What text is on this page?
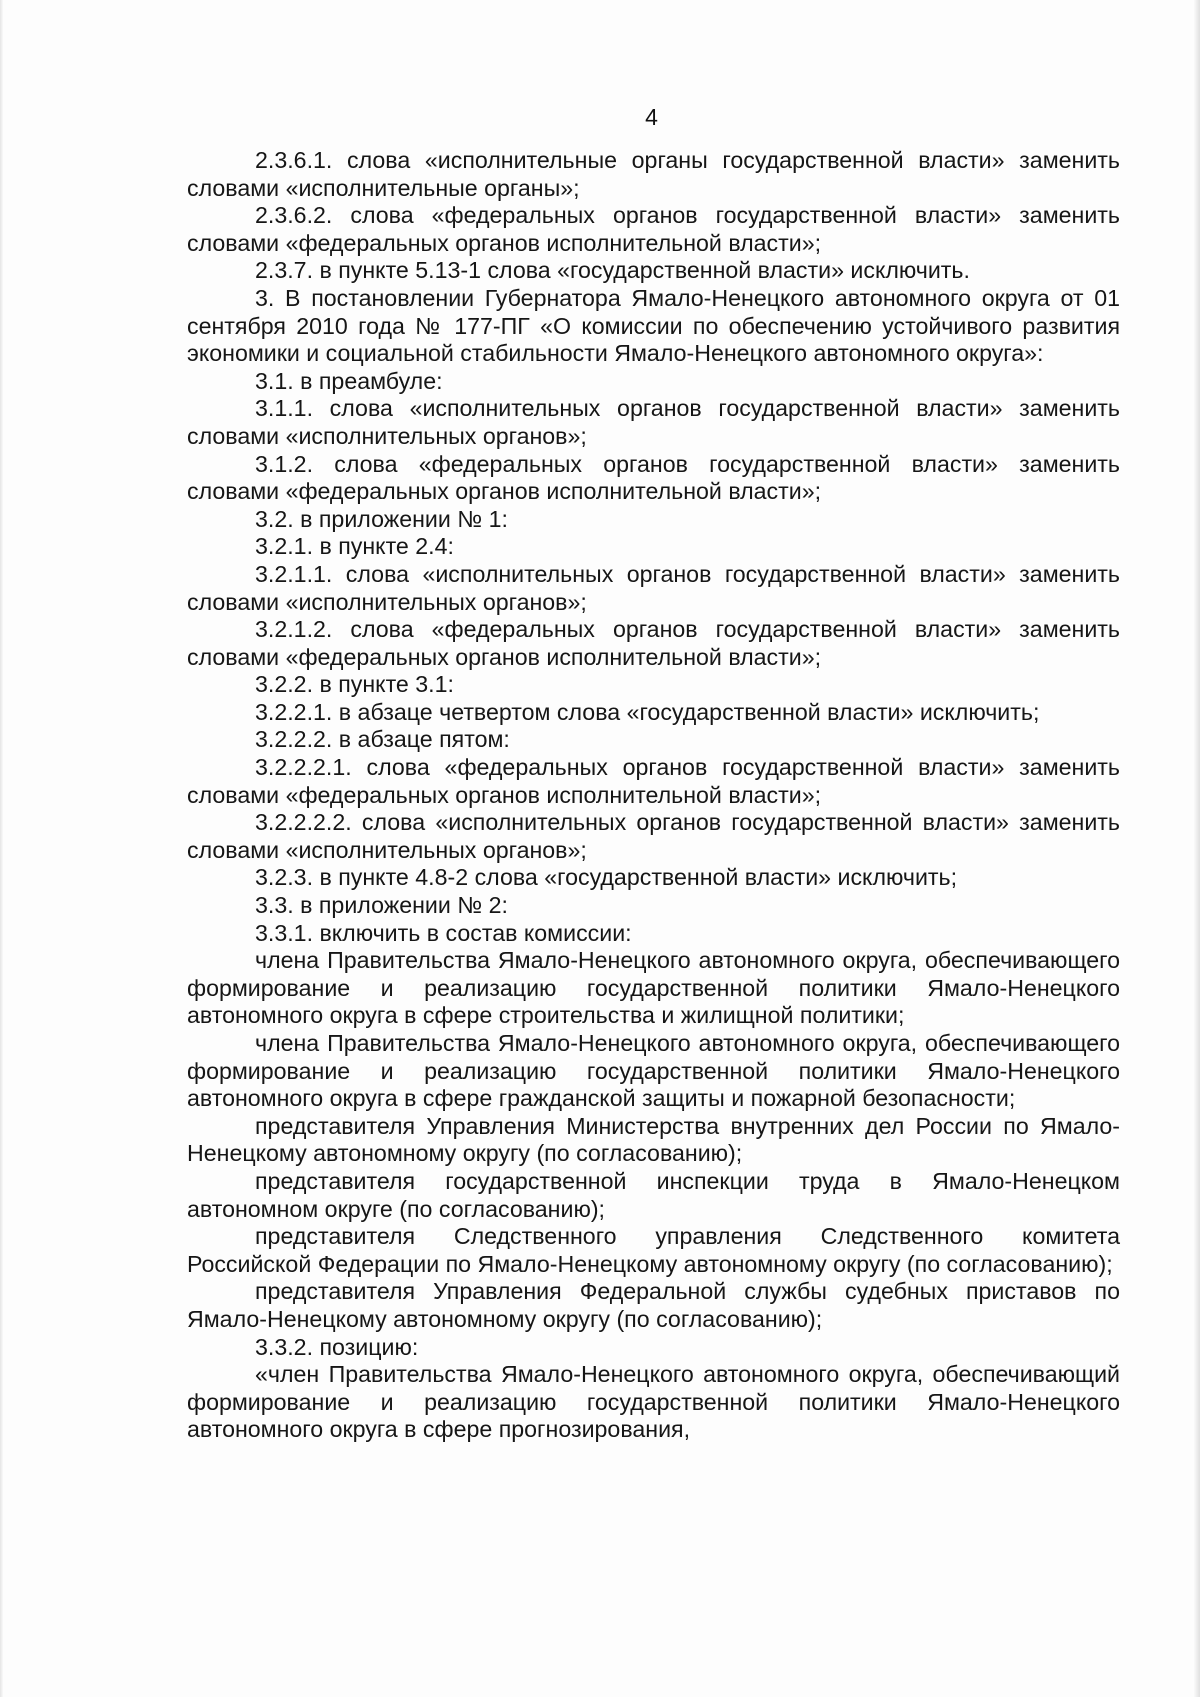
4

2.3.6.1. слова «исполнительные органы государственной власти» заменить словами «исполнительные органы»;

2.3.6.2. слова «федеральных органов государственной власти» заменить словами «федеральных органов исполнительной власти»;

2.3.7. в пункте 5.13-1 слова «государственной власти» исключить.

3. В постановлении Губернатора Ямало-Ненецкого автономного округа от 01 сентября 2010 года № 177-ПГ «О комиссии по обеспечению устойчивого развития экономики и социальной стабильности Ямало-Ненецкого автономного округа»:

3.1. в преамбуле:

3.1.1. слова «исполнительных органов государственной власти» заменить словами «исполнительных органов»;

3.1.2. слова «федеральных органов государственной власти» заменить словами «федеральных органов исполнительной власти»;

3.2. в приложении № 1:

3.2.1. в пункте 2.4:

3.2.1.1. слова «исполнительных органов государственной власти» заменить словами «исполнительных органов»;

3.2.1.2. слова «федеральных органов государственной власти» заменить словами «федеральных органов исполнительной власти»;

3.2.2. в пункте 3.1:

3.2.2.1. в абзаце четвертом слова «государственной власти» исключить;

3.2.2.2. в абзаце пятом:

3.2.2.2.1. слова «федеральных органов государственной власти» заменить словами «федеральных органов исполнительной власти»;

3.2.2.2.2. слова «исполнительных органов государственной власти» заменить словами «исполнительных органов»;

3.2.3. в пункте 4.8-2 слова «государственной власти» исключить;

3.3. в приложении № 2:

3.3.1. включить в состав комиссии:

члена Правительства Ямало-Ненецкого автономного округа, обеспечивающего формирование и реализацию государственной политики Ямало-Ненецкого автономного округа в сфере строительства и жилищной политики;

члена Правительства Ямало-Ненецкого автономного округа, обеспечивающего формирование и реализацию государственной политики Ямало-Ненецкого автономного округа в сфере гражданской защиты и пожарной безопасности;

представителя Управления Министерства внутренних дел России по Ямало-Ненецкому автономному округу (по согласованию);

представителя государственной инспекции труда в Ямало-Ненецком автономном округе (по согласованию);

представителя Следственного управления Следственного комитета Российской Федерации по Ямало-Ненецкому автономному округу (по согласованию);

представителя Управления Федеральной службы судебных приставов по Ямало-Ненецкому автономному округу (по согласованию);

3.3.2. позицию:

«член Правительства Ямало-Ненецкого автономного округа, обеспечивающий формирование и реализацию государственной политики Ямало-Ненецкого автономного округа в сфере прогнозирования,
